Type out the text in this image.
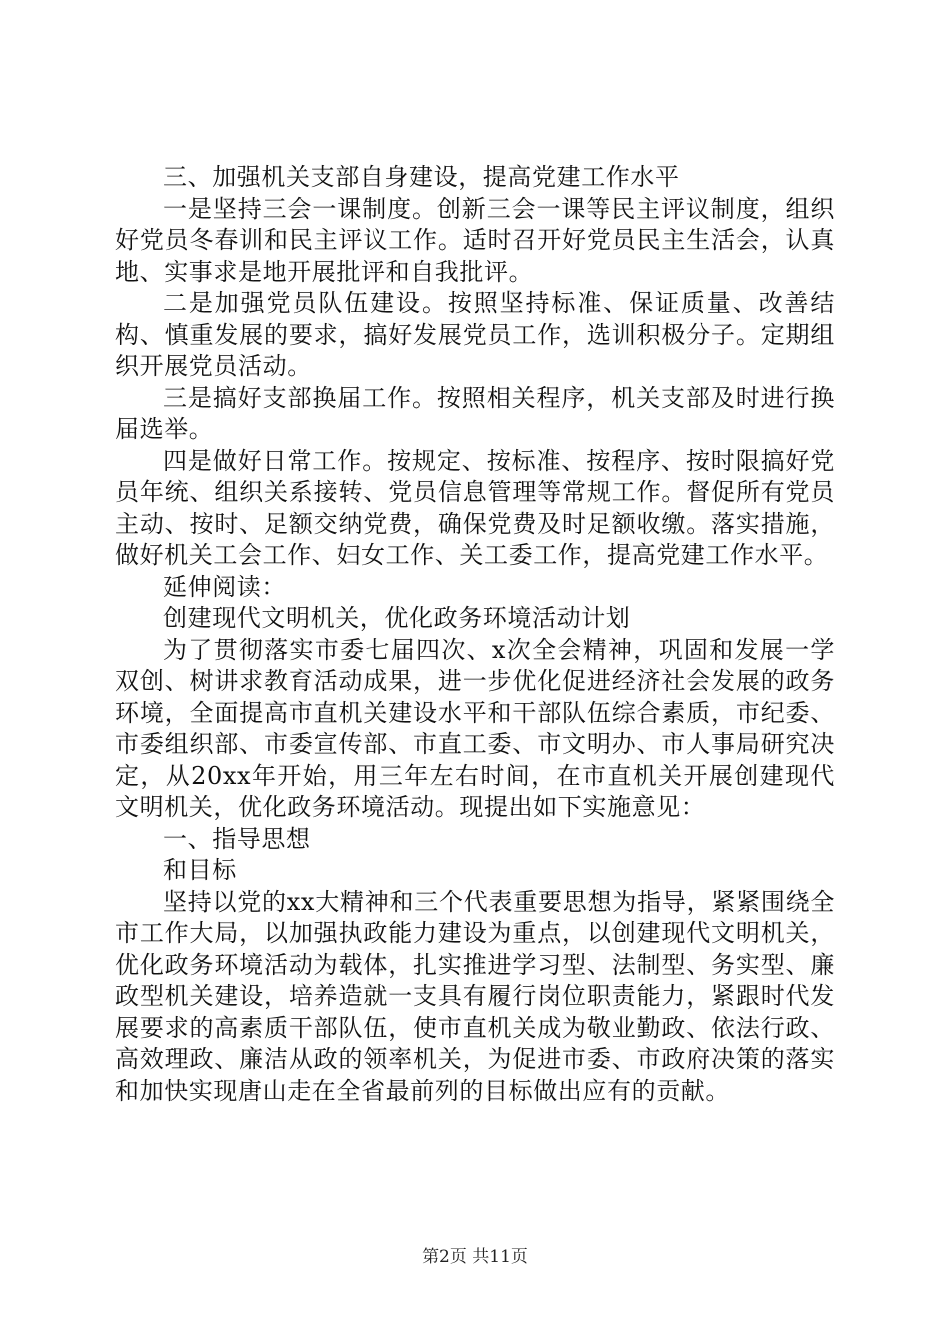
三、加强机关支部自身建设，提高党建工作水平

一是坚持三会一课制度。创新三会一课等民主评议制度，组织好党员冬春训和民主评议工作。适时召开好党员民主生活会，认真地、实事求是地开展批评和自我批评。

二是加强党员队伍建设。按照坚持标准、保证质量、改善结构、慎重发展的要求，搞好发展党员工作，选训积极分子。定期组织开展党员活动。

三是搞好支部换届工作。按照相关程序，机关支部及时进行换届选举。

四是做好日常工作。按规定、按标准、按程序、按时限搞好党员年统、组织关系接转、党员信息管理等常规工作。督促所有党员主动、按时、足额交纳党费，确保党费及时足额收缴。落实措施，做好机关工会工作、妇女工作、关工委工作，提高党建工作水平。

延伸阅读：

创建现代文明机关，优化政务环境活动计划

为了贯彻落实市委七届四次、x次全会精神，巩固和发展一学双创、树讲求教育活动成果，进一步优化促进经济社会发展的政务环境，全面提高市直机关建设水平和干部队伍综合素质，市纪委、市委组织部、市委宣传部、市直工委、市文明办、市人事局研究决定，从20xx年开始，用三年左右时间，在市直机关开展创建现代文明机关，优化政务环境活动。现提出如下实施意见：

一、指导思想

和目标

坚持以党的xx大精神和三个代表重要思想为指导，紧紧围绕全市工作大局，以加强执政能力建设为重点，以创建现代文明机关，优化政务环境活动为载体，扎实推进学习型、法制型、务实型、廉政型机关建设，培养造就一支具有履行岗位职责能力，紧跟时代发展要求的高素质干部队伍，使市直机关成为敬业勤政、依法行政、高效理政、廉洁从政的领率机关，为促进市委、市政府决策的落实和加快实现唐山走在全省最前列的目标做出应有的贡献。

第2页 共11页
